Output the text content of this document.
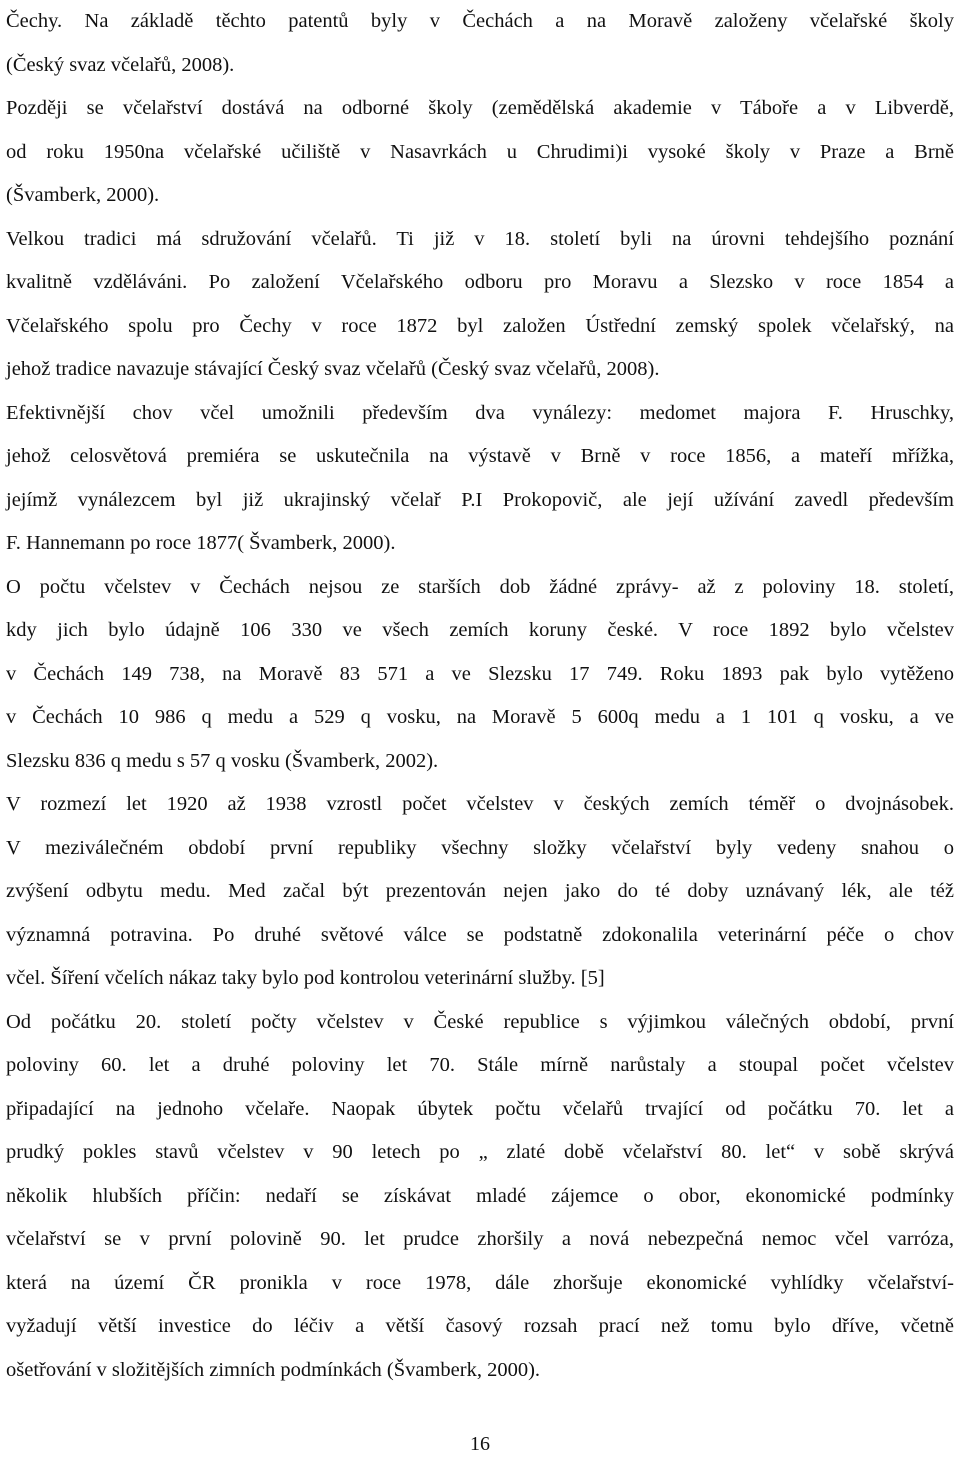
Čechy. Na základě těchto patentů byly v Čechách a na Moravě založeny včelařské školy
(Český svaz včelařů, 2008).
Později se včelařství dostává na odborné školy (zemědělská akademie v Táboře a v Libverdě,
od roku 1950na včelařské učiliště v Nasavrkách u Chrudimi)i vysoké školy v Praze a Brně
(Švamberk, 2000).
Velkou tradici má sdružování včelařů. Ti již v 18. století byli na úrovni tehdejšího poznání
kvalitně vzděláváni. Po založení Včelařského odboru pro Moravu a Slezsko v roce 1854 a
Včelařského spolu pro Čechy v roce 1872 byl založen Ústřední zemský spolek včelařský, na
jehož tradice navazuje stávající Český svaz včelařů (Český svaz včelařů, 2008).
Efektivnější chov včel umožnili především dva vynálezy: medomet majora F. Hruschky,
jehož celosvětová premiéra se uskutečnila na výstavě v Brně v roce 1856, a mateří mřížka,
jejímž vynálezcem byl již ukrajinský včelař P.I Prokopovič, ale její užívání zavedl především
F. Hannemann po roce 1877( Švamberk, 2000).
O počtu včelstev v Čechách nejsou ze starších dob žádné zprávy- až z poloviny 18. století,
kdy jich bylo údajně 106 330 ve všech zemích koruny české. V roce 1892 bylo včelstev
v Čechách 149 738, na Moravě 83 571 a ve Slezsku 17 749. Roku 1893 pak bylo vytěženo
v Čechách 10 986 q medu a 529 q vosku, na Moravě 5 600q medu a 1 101 q vosku, a ve
Slezsku 836 q medu s 57 q vosku (Švamberk, 2002).
V rozmezí let 1920 až 1938 vzrostl počet včelstev v českých zemích téměř o dvojnásobek.
V meziválečném období první republiky všechny složky včelařství byly vedeny snahou o
zvýšení odbytu medu. Med začal být prezentován nejen jako do té doby uznávaný lék, ale též
významná potravina. Po druhé světové válce se podstatně zdokonalila veterinární péče o chov
včel. Šíření včelích nákaz taky bylo pod kontrolou veterinární služby. [5]
Od počátku 20. století počty včelstev v České republice s výjimkou válečných období, první
poloviny 60. let a druhé poloviny let 70. Stále mírně narůstaly a stoupal počet včelstev
připadající na jednoho včelaře. Naopak úbytek počtu včelařů trvající od počátku 70. let a
prudký pokles stavů včelstev v 90 letech po „ zlaté době včelařství 80. let“ v sobě skrývá
několik hlubších příčin: nedaří se získávat mladé zájemce o obor, ekonomické podmínky
včelařství se v první polovině 90. let prudce zhoršily a nová nebezpečná nemoc včel varróza,
která na území ČR pronikla v roce 1978, dále zhoršuje ekonomické vyhlídky včelařství-
vyžadují větší investice do léčiv a větší časový rozsah prací než tomu bylo dříve, včetně
ošetřování v složitějších zimních podmínkách (Švamberk, 2000).
16
